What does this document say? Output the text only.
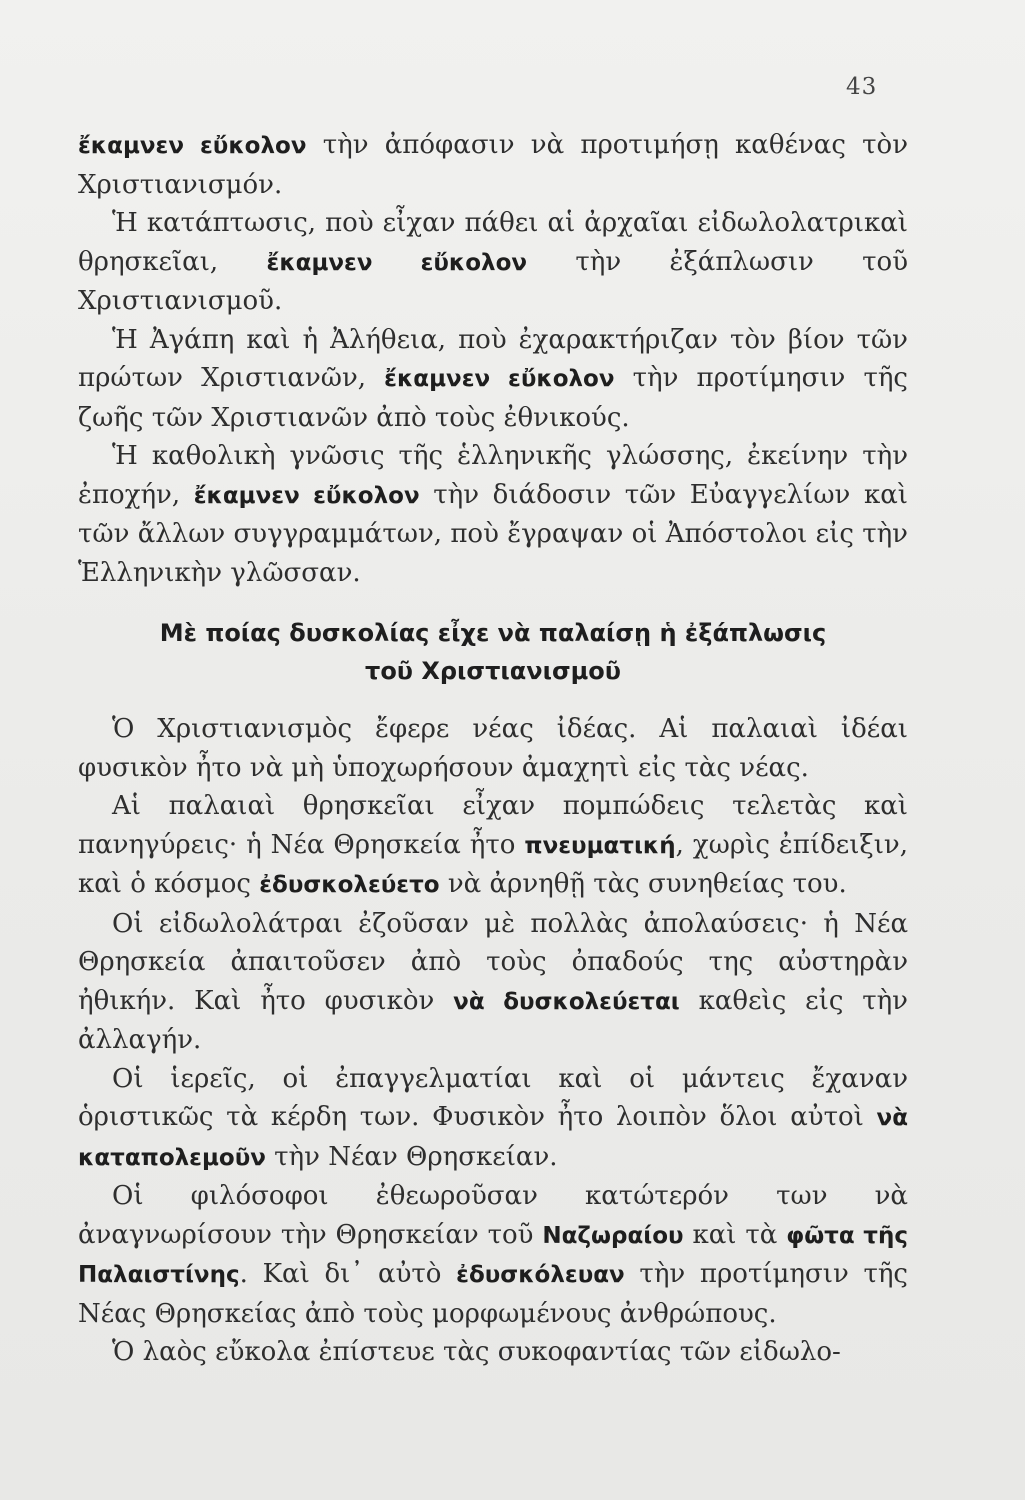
43

ἔκαμνεν εὔκολον τὴν ἀπόφασιν νὰ προτιμήσῃ καθένας τὸν Χριστιανισμόν.

Ἡ κατάπτωσις, ποὺ εἶχαν πάθει αἱ ἀρχαῖαι εἰδωλολατρικαὶ θρησκεῖαι, ἔκαμνεν εὔκολον τὴν ἐξάπλωσιν τοῦ Χριστιανισμοῦ.

Ἡ Ἀγάπη καὶ ἡ Ἀλήθεια, ποὺ ἐχαρακτήριζαν τὸν βίον τῶν πρώτων Χριστιανῶν, ἔκαμνεν εὔκολον τὴν προτίμησιν τῆς ζωῆς τῶν Χριστιανῶν ἀπὸ τοὺς ἐθνικούς.

Ἡ καθολικὴ γνῶσις τῆς ἑλληνικῆς γλώσσης, ἐκείνην τὴν ἐποχήν, ἔκαμνεν εὔκολον τὴν διάδοσιν τῶν Εὐαγγελίων καὶ τῶν ἄλλων συγγραμμάτων, ποὺ ἔγραψαν οἱ Ἀπόστολοι εἰς τὴν Ἑλληνικὴν γλῶσσαν.

Μὲ ποίας δυσκολίας εἶχε νὰ παλαίσῃ ἡ ἐξάπλωσις
τοῦ Χριστιανισμοῦ

Ὁ Χριστιανισμὸς ἔφερε νέας ἰδέας. Αἱ παλαιαὶ ἰδέαι φυσικὸν ἦτο νὰ μὴ ὑποχωρήσουν ἀμαχητὶ εἰς τὰς νέας.

Αἱ παλαιαὶ θρησκεῖαι εἶχαν πομπώδεις τελετὰς καὶ πανηγύρεις· ἡ Νέα Θρησκεία ἦτο πνευματική, χωρὶς ἐπίδειξιν, καὶ ὁ κόσμος ἐδυσκολεύετο νὰ ἀρνηθῇ τὰς συνηθείας του.

Οἱ εἰδωλολάτραι ἐζοῦσαν μὲ πολλὰς ἀπολαύσεις· ἡ Νέα Θρησκεία ἀπαιτοῦσεν ἀπὸ τοὺς ὀπαδούς της αὐστηρὰν ἠθικήν. Καὶ ἦτο φυσικὸν νὰ δυσκολεύεται καθεὶς εἰς τὴν ἀλλαγήν.

Οἱ ἱερεῖς, οἱ ἐπαγγελματίαι καὶ οἱ μάντεις ἔχαναν ὁριστικῶς τὰ κέρδη των. Φυσικὸν ἦτο λοιπὸν ὅλοι αὐτοὶ νὰ καταπολεμοῦν τὴν Νέαν Θρησκείαν.

Οἱ φιλόσοφοι ἐθεωροῦσαν κατώτερόν των νὰ ἀναγνωρίσουν τὴν Θρησκείαν τοῦ Ναζωραίου καὶ τὰ φῶτα τῆς Παλαιστίνης. Καὶ δι᾽ αὐτὸ ἐδυσκόλευαν τὴν προτίμησιν τῆς Νέας Θρησκείας ἀπὸ τοὺς μορφωμένους ἀνθρώπους.

Ὁ λαὸς εὔκολα ἐπίστευε τὰς συκοφαντίας τῶν εἰδωλο-
